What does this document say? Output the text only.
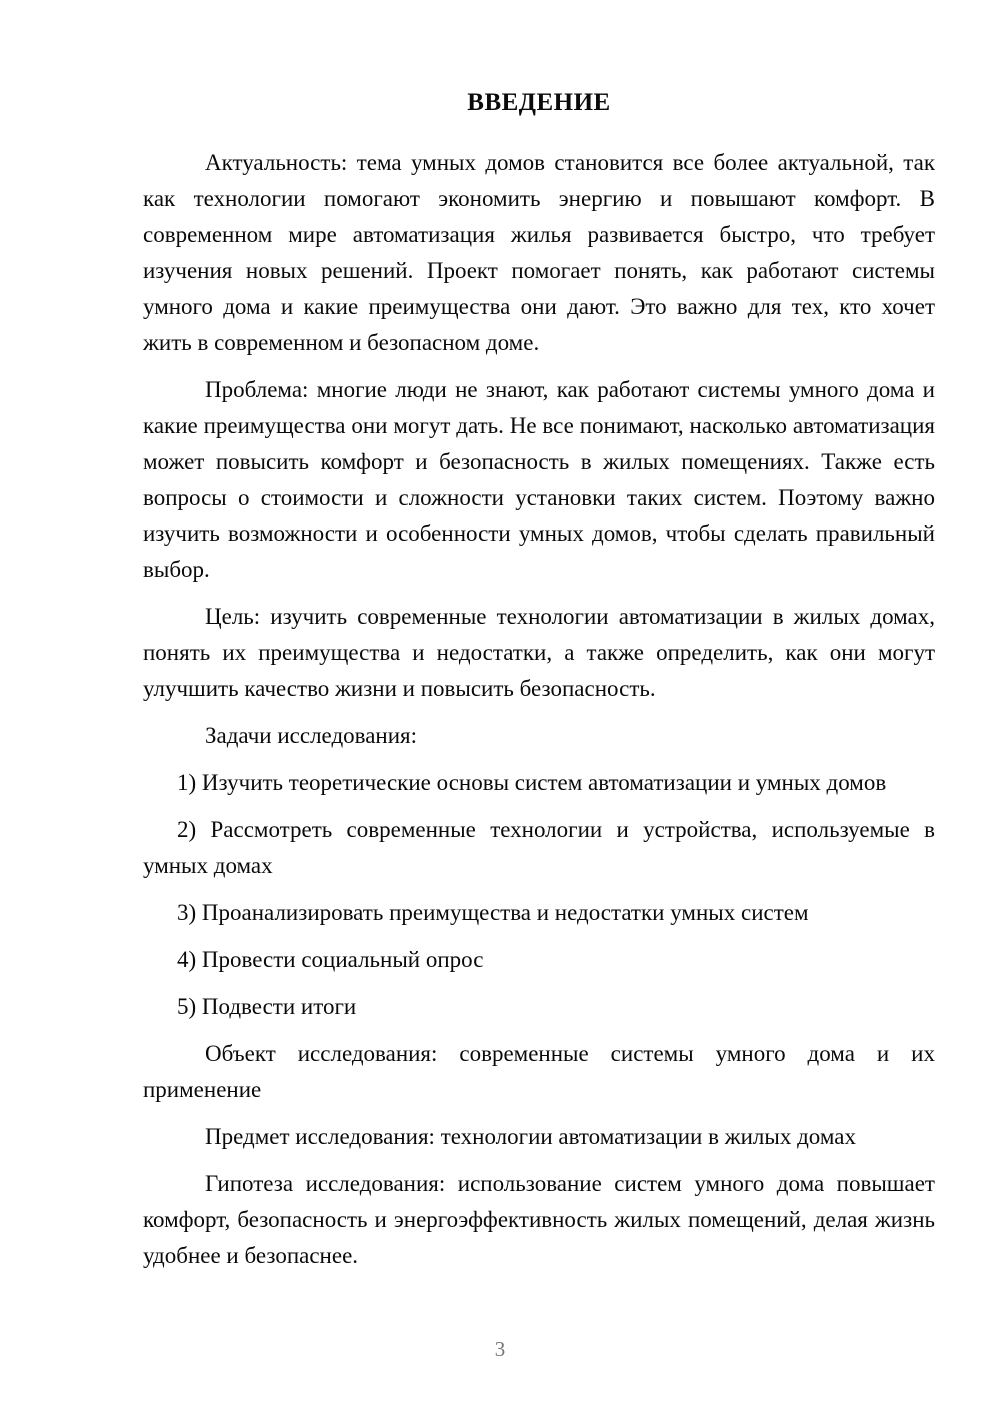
ВВЕДЕНИЕ

Актуальность: тема умных домов становится все более актуальной, так как технологии помогают экономить энергию и повышают комфорт. В современном мире автоматизация жилья развивается быстро, что требует изучения новых решений. Проект помогает понять, как работают системы умного дома и какие преимущества они дают. Это важно для тех, кто хочет жить в современном и безопасном доме.

Проблема: многие люди не знают, как работают системы умного дома и какие преимущества они могут дать. Не все понимают, насколько автоматизация может повысить комфорт и безопасность в жилых помещениях. Также есть вопросы о стоимости и сложности установки таких систем. Поэтому важно изучить возможности и особенности умных домов, чтобы сделать правильный выбор.

Цель: изучить современные технологии автоматизации в жилых домах, понять их преимущества и недостатки, а также определить, как они могут улучшить качество жизни и повысить безопасность.

Задачи исследования:

1) Изучить теоретические основы систем автоматизации и умных домов

2) Рассмотреть современные технологии и устройства, используемые в умных домах

3) Проанализировать преимущества и недостатки умных систем

4) Провести социальный опрос

5) Подвести итоги

Объект исследования: современные системы умного дома и их применение

Предмет исследования: технологии автоматизации в жилых домах

Гипотеза исследования: использование систем умного дома повышает комфорт, безопасность и энергоэффективность жилых помещений, делая жизнь удобнее и безопаснее.

3
